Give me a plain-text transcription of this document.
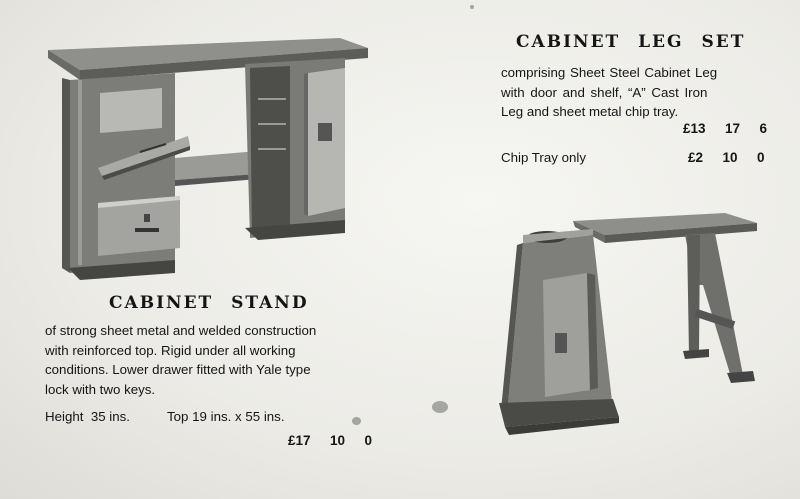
CABINET LEG SET
comprising Sheet Steel Cabinet Leg
with door and shelf, “A” Cast Iron
Leg and sheet metal chip tray.
£13  17  6
Chip Tray only	£2  10  0
CABINET STAND
of strong sheet metal and welded construction
with reinforced top. Rigid under all working
conditions. Lower drawer fitted with Yale type
lock with two keys.
Height  35 ins.	Top 19 ins. x 55 ins.
£17  10  0
